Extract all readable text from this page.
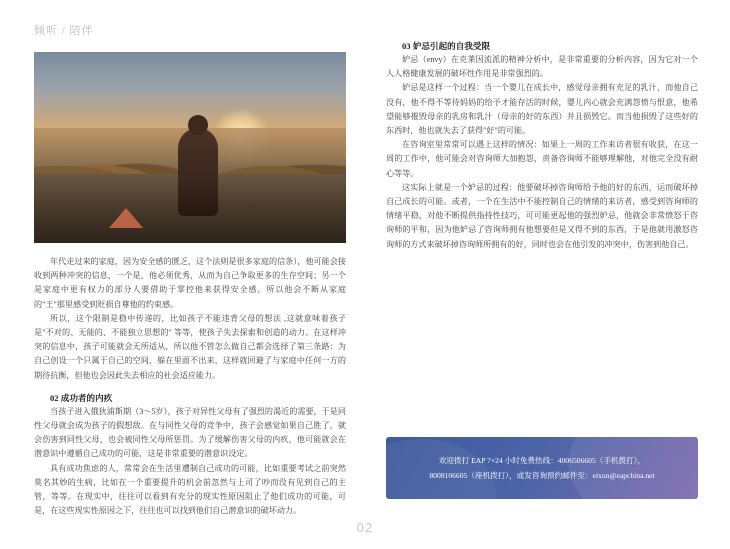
倾听 / 陪伴

年代走过来的家庭，因为安全感的匮乏，这个法则是很多家庭的信条），他可能会接收到两种冲突的信息，一个是，他必须优秀，从而为自己争取更多的生存空间；另一个是家庭中更有权力的部分人要借助于掌控他来获得安全感，所以他会不断从家庭的"王"那里感受到贬损自尊他的约束感。

所以，这个限制是稳中传递的，比如孩子不能违背父母的想法 ,这就意味着孩子是"不对的、无能的、不能独立思想的" 等等，使孩子失去探索和创造的动力。在这样冲突的信息中，孩子可能就会无所适从，所以他不管怎么做自己都会选择了第三条路：为自己创设一个只属于自己的空间，躲在里面不出来，这样就回避了与家庭中任何一方的期待抗衡，但他也会因此失去相应的社会适应能力。

02 成功者的内疚

当孩子进入俄狄浦斯期（3～5岁），孩子对异性父母有了强烈的渴近的需要，于是同性父母就会成为孩子的假想敌。在与同性父母的竞争中，孩子会感觉如果自己胜了，就会伤害到同性父母，也会被同性父母所惩罚。为了缓解伤害父母的内疚，他可能就会在潜意识中遵循自己成功的可能，这是非常重要的潜意识设定。

具有成功焦虑的人，常常会在生活里遭制自己成功的可能，比如重要考试之前突然莫名其妙的生病，比如在一个重要提升的机会前忽然与上司了吵而没有见到自己的主管，等等。在现实中，往往可以看到有充分的现实性原因阻止了他们成功的可能，可是，在这些现实性原因之下，往往也可以找到他们自己潜意识的破坏动力。

03 妒忌引起的自我受限

妒忌（envy）在克莱因流派的精神分析中，是非常重要的分析内容，因为它对一个人人格健康发展的破坏性作用是非常强烈的。

妒忌是这样一个过程：当一个婴儿在成长中，感觉母亲拥有充足的乳汁，而他自己没有，他不得不等待妈妈的给予才能存活的时候，婴儿内心就会充满怨愤与恨意，他希望能够摧毁母亲的乳房和乳汁（母亲的好的东西）并且损毁它。而当他损毁了这些好的东西时，他也就失去了获得"好"的可能。

在咨询室里常常可以遇上这样的情况：如果上一周的工作来访者很有收获，在这一周的工作中，他可能会对咨询师大加抱怨，责备咨询师不能够理解他，对他完全没有耐心等等。

这实际上就是一个妒忌的过程：他要破坏掉咨询师给予他的好的东西，运而破坏掉自己成长的可能。或者，一个在生活中不能控制自己的情绪的来访者，感受到咨询师的情绪平稳，对他不断提供指持性技巧，可可能更起他的强烈妒忌，他就会非常愤怒于咨询师的平和，因为他妒忌了咨询师拥有他想要但是又得不到的东西，于是他就用激怒咨询师的方式来破坏掉咨询师所拥有的好，同时也会在他引发的冲突中，伤害到他自己。

欢迎拨打 EAP 7×24 小时免费热线：4006506605（手机拨打），
8008106605（座机拨打），或发咨询预约邮件至：eixun@eapchina.net
02
